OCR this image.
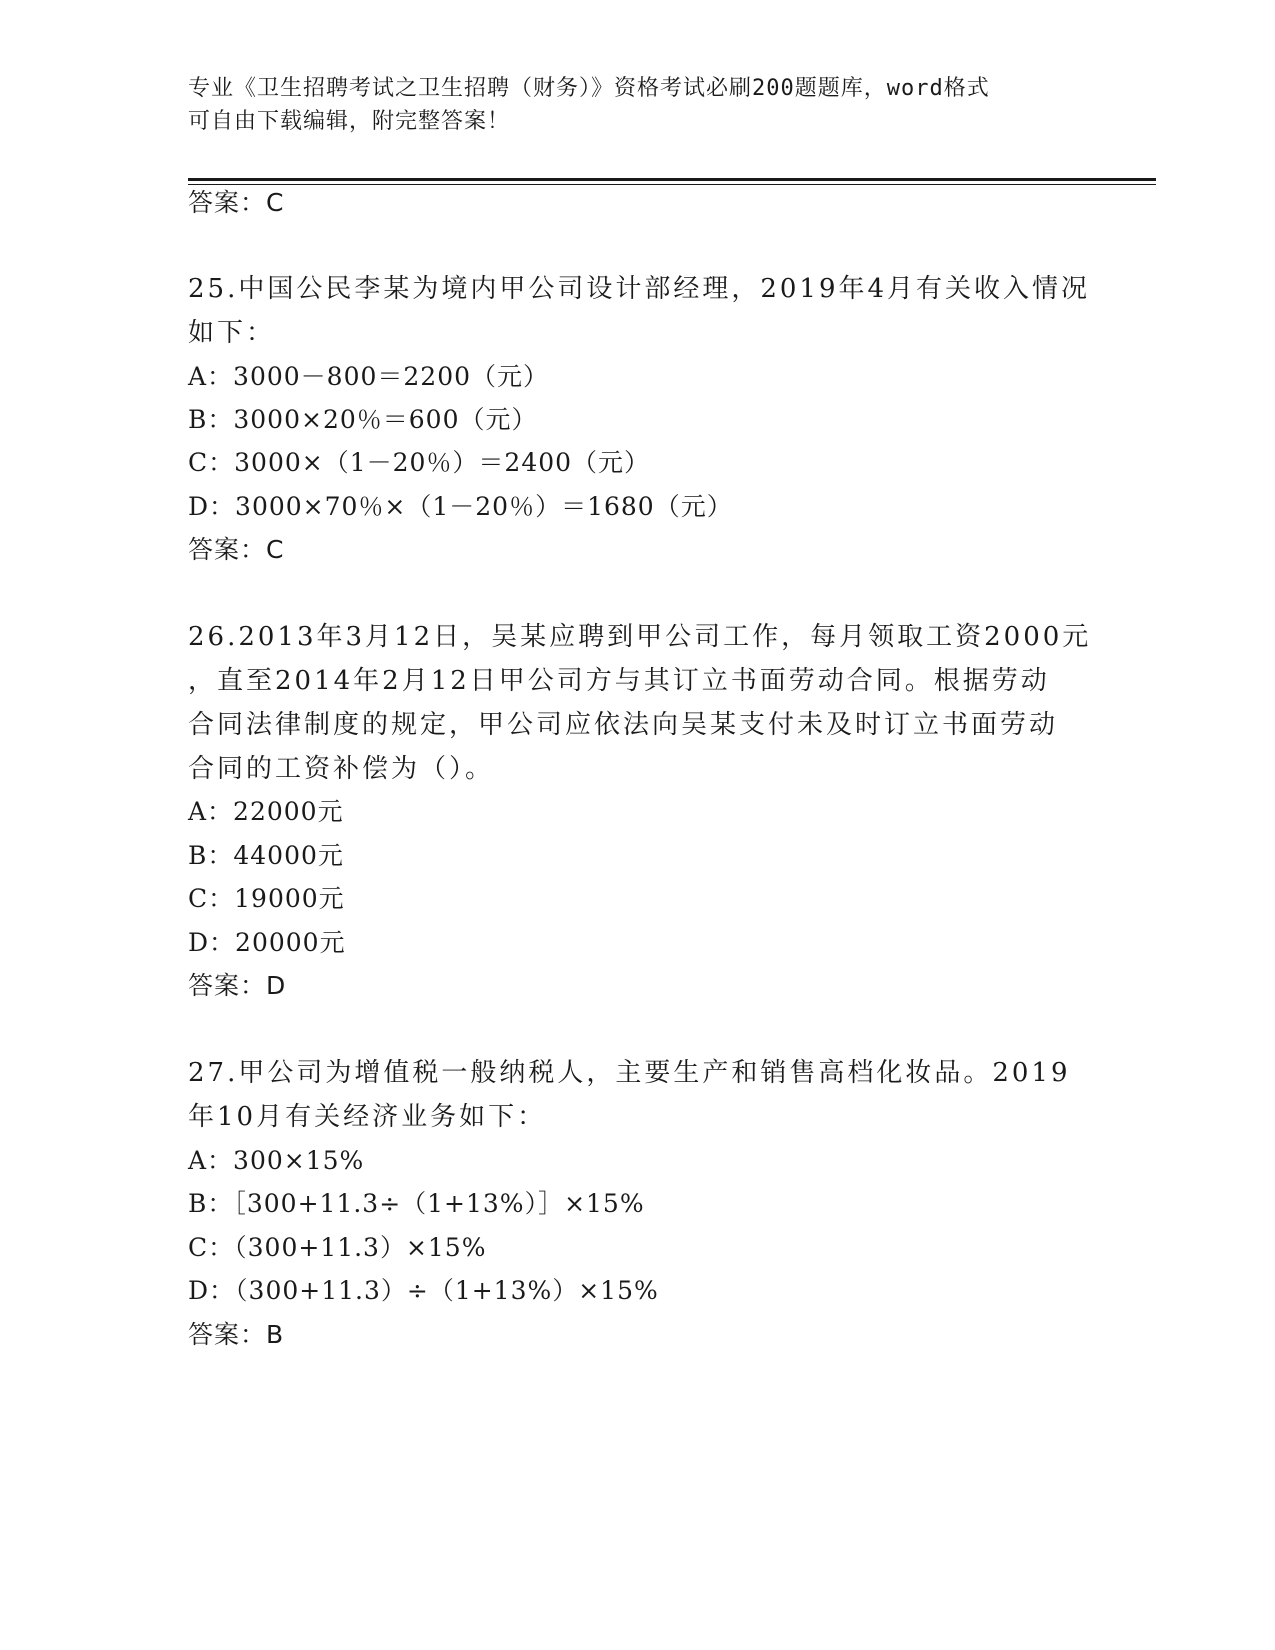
专业《卫生招聘考试之卫生招聘（财务）》资格考试必刷200题题库，word格式
可自由下载编辑，附完整答案！
答案：C
25.中国公民李某为境内甲公司设计部经理，2019年4月有关收入情况
如下：
A：3000－800＝2200（元）
B：3000×20％＝600（元）
C：3000×（1－20％）＝2400（元）
D：3000×70％×（1－20％）＝1680（元）
答案：C
26.2013年3月12日，吴某应聘到甲公司工作，每月领取工资2000元
，直至2014年2月12日甲公司方与其订立书面劳动合同。根据劳动
合同法律制度的规定，甲公司应依法向吴某支付未及时订立书面劳动
合同的工资补偿为（）。
A：22000元
B：44000元
C：19000元
D：20000元
答案：D
27.甲公司为增值税一般纳税人，主要生产和销售高档化妆品。2019
年10月有关经济业务如下：
A：300×15%
B：［300+11.3÷（1+13%）］×15%
C：（300+11.3）×15%
D：（300+11.3）÷（1+13%）×15%
答案：B
